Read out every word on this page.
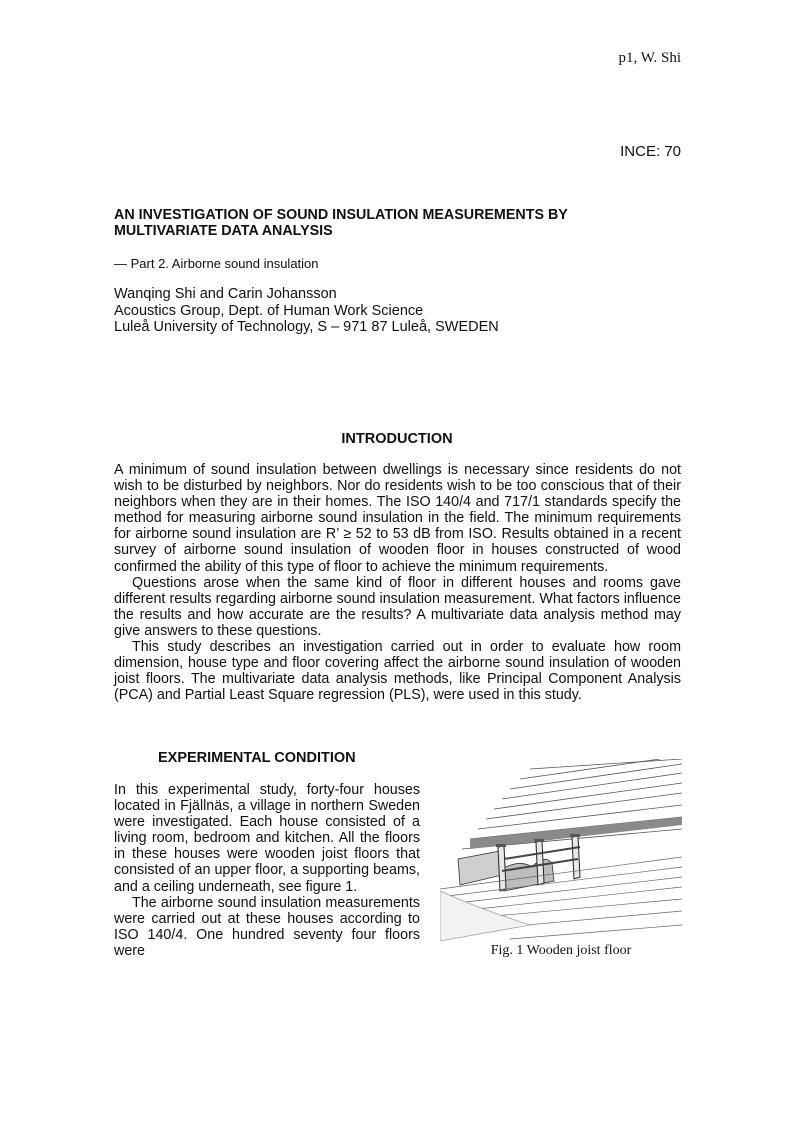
p1, W. Shi
INCE: 70
AN INVESTIGATION OF SOUND INSULATION MEASUREMENTS BY MULTIVARIATE DATA ANALYSIS
— Part 2. Airborne sound insulation
Wanqing Shi and Carin Johansson
Acoustics Group, Dept. of Human Work Science
Luleå University of Technology, S – 971 87 Luleå, SWEDEN
INTRODUCTION

A minimum of sound insulation between dwellings is necessary since residents do not wish to be disturbed by neighbors. Nor do residents wish to be too conscious that of their neighbors when they are in their homes. The ISO 140/4 and 717/1 standards specify the method for measuring airborne sound insulation in the field. The minimum requirements for airborne sound insulation are R’ ≥ 52 to 53 dB from ISO. Results obtained in a recent survey of airborne sound insulation of wooden floor in houses constructed of wood confirmed the ability of this type of floor to achieve the minimum requirements.

Questions arose when the same kind of floor in different houses and rooms gave different results regarding airborne sound insulation measurement. What factors influence the results and how accurate are the results? A multivariate data analysis method may give answers to these questions.

This study describes an investigation carried out in order to evaluate how room dimension, house type and floor covering affect the airborne sound insulation of wooden joist floors. The multivariate data analysis methods, like Principal Component Analysis (PCA) and Partial Least Square regression (PLS), were used in this study.

EXPERIMENTAL CONDITION

In this experimental study, forty-four houses located in Fjällnäs, a village in northern Sweden were investigated. Each house consisted of a living room, bedroom and kitchen. All the floors in these houses were wooden joist floors that consisted of an upper floor, a supporting beams, and a ceiling underneath, see figure 1.

The airborne sound insulation measurements were carried out at these houses according to ISO 140/4. One hundred seventy four floors were	Fig. 1 Wooden joist floor
